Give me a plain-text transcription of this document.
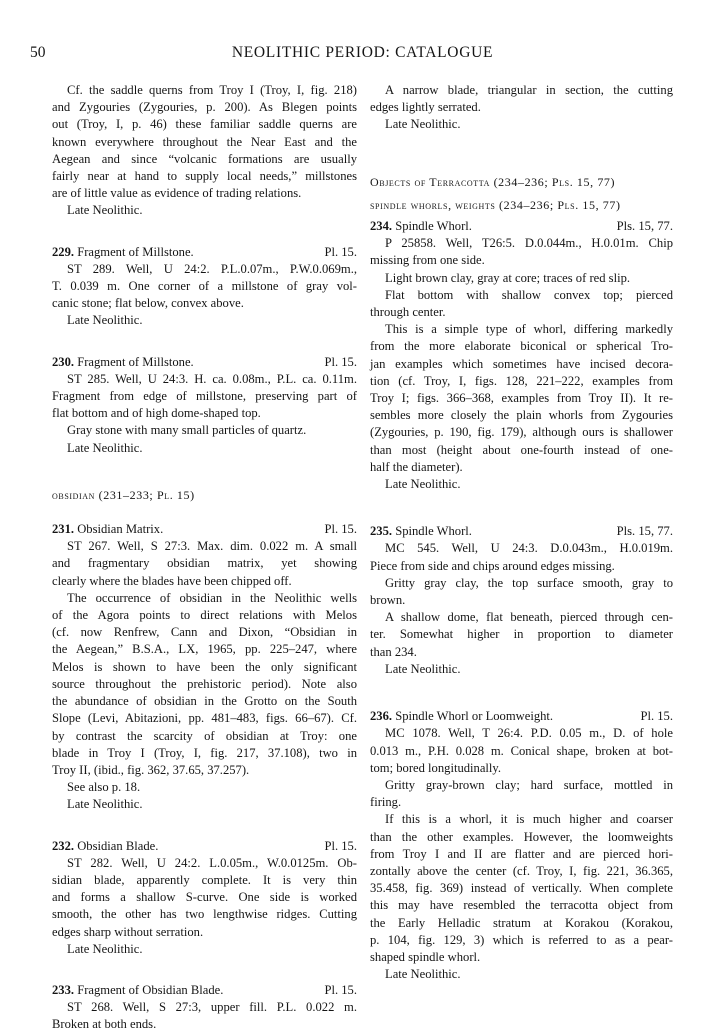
50	NEOLITHIC PERIOD: CATALOGUE
Cf. the saddle querns from Troy I (Troy, I, fig. 218)
and Zygouries (Zygouries, p. 200). As Blegen points
out (Troy, I, p. 46) these familiar saddle querns are
known everywhere throughout the Near East and the
Aegean and since “volcanic formations are usually
fairly near at hand to supply local needs,” millstones
are of little value as evidence of trading relations.
Late Neolithic.
229. Fragment of Millstone.	Pl. 15.
ST 289. Well, U 24:2. P.L.0.07m., P.W.0.069m.,
T. 0.039 m. One corner of a millstone of gray vol-
canic stone; flat below, convex above.
Late Neolithic.
230. Fragment of Millstone.	Pl. 15.
ST 285. Well, U 24:3. H. ca. 0.08m., P.L. ca. 0.11m.
Fragment from edge of millstone, preserving part of
flat bottom and of high dome-shaped top.
Gray stone with many small particles of quartz.
Late Neolithic.
obsidian (231–233; Pl. 15)
231. Obsidian Matrix.	Pl. 15.
ST 267. Well, S 27:3. Max. dim. 0.022 m. A small
and fragmentary obsidian matrix, yet showing
clearly where the blades have been chipped off.
The occurrence of obsidian in the Neolithic wells
of the Agora points to direct relations with Melos
(cf. now Renfrew, Cann and Dixon, “Obsidian in
the Aegean,” B.S.A., LX, 1965, pp. 225–247, where
Melos is shown to have been the only significant
source throughout the prehistoric period). Note also
the abundance of obsidian in the Grotto on the South
Slope (Levi, Abitazioni, pp. 481–483, figs. 66–67). Cf.
by contrast the scarcity of obsidian at Troy: one
blade in Troy I (Troy, I, fig. 217, 37.108), two in
Troy II, (ibid., fig. 362, 37.65, 37.257).
See also p. 18.
Late Neolithic.
232. Obsidian Blade.	Pl. 15.
ST 282. Well, U 24:2. L.0.05m., W.0.0125m. Ob-
sidian blade, apparently complete. It is very thin
and forms a shallow S-curve. One side is worked
smooth, the other has two lengthwise ridges. Cutting
edges sharp without serration.
Late Neolithic.
233. Fragment of Obsidian Blade.	Pl. 15.
ST 268. Well, S 27:3, upper fill. P.L. 0.022 m.
Broken at both ends.
A narrow blade, triangular in section, the cutting
edges lightly serrated.
Late Neolithic.
Objects of Terracotta (234–236; Pls. 15, 77)
spindle whorls, weights (234–236; Pls. 15, 77)
234. Spindle Whorl.	Pls. 15, 77.
P 25858. Well, T26:5. D.0.044m., H.0.01m. Chip
missing from one side.
Light brown clay, gray at core; traces of red slip.
Flat bottom with shallow convex top; pierced
through center.
This is a simple type of whorl, differing markedly
from the more elaborate biconical or spherical Tro-
jan examples which sometimes have incised decora-
tion (cf. Troy, I, figs. 128, 221–222, examples from
Troy I; figs. 366–368, examples from Troy II). It re-
sembles more closely the plain whorls from Zygouries
(Zygouries, p. 190, fig. 179), although ours is shallower
than most (height about one-fourth instead of one-
half the diameter).
Late Neolithic.
235. Spindle Whorl.	Pls. 15, 77.
MC 545. Well, U 24:3. D.0.043m., H.0.019m.
Piece from side and chips around edges missing.
Gritty gray clay, the top surface smooth, gray to
brown.
A shallow dome, flat beneath, pierced through cen-
ter. Somewhat higher in proportion to diameter
than 234.
Late Neolithic.
236. Spindle Whorl or Loomweight.	Pl. 15.
MC 1078. Well, T 26:4. P.D. 0.05 m., D. of hole
0.013 m., P.H. 0.028 m. Conical shape, broken at bot-
tom; bored longitudinally.
Gritty gray-brown clay; hard surface, mottled in
firing.
If this is a whorl, it is much higher and coarser
than the other examples. However, the loomweights
from Troy I and II are flatter and are pierced hori-
zontally above the center (cf. Troy, I, fig. 221, 36.365,
35.458, fig. 369) instead of vertically. When complete
this may have resembled the terracotta object from
the Early Helladic stratum at Korakou (Korakou,
p. 104, fig. 129, 3) which is referred to as a pear-
shaped spindle whorl.
Late Neolithic.
